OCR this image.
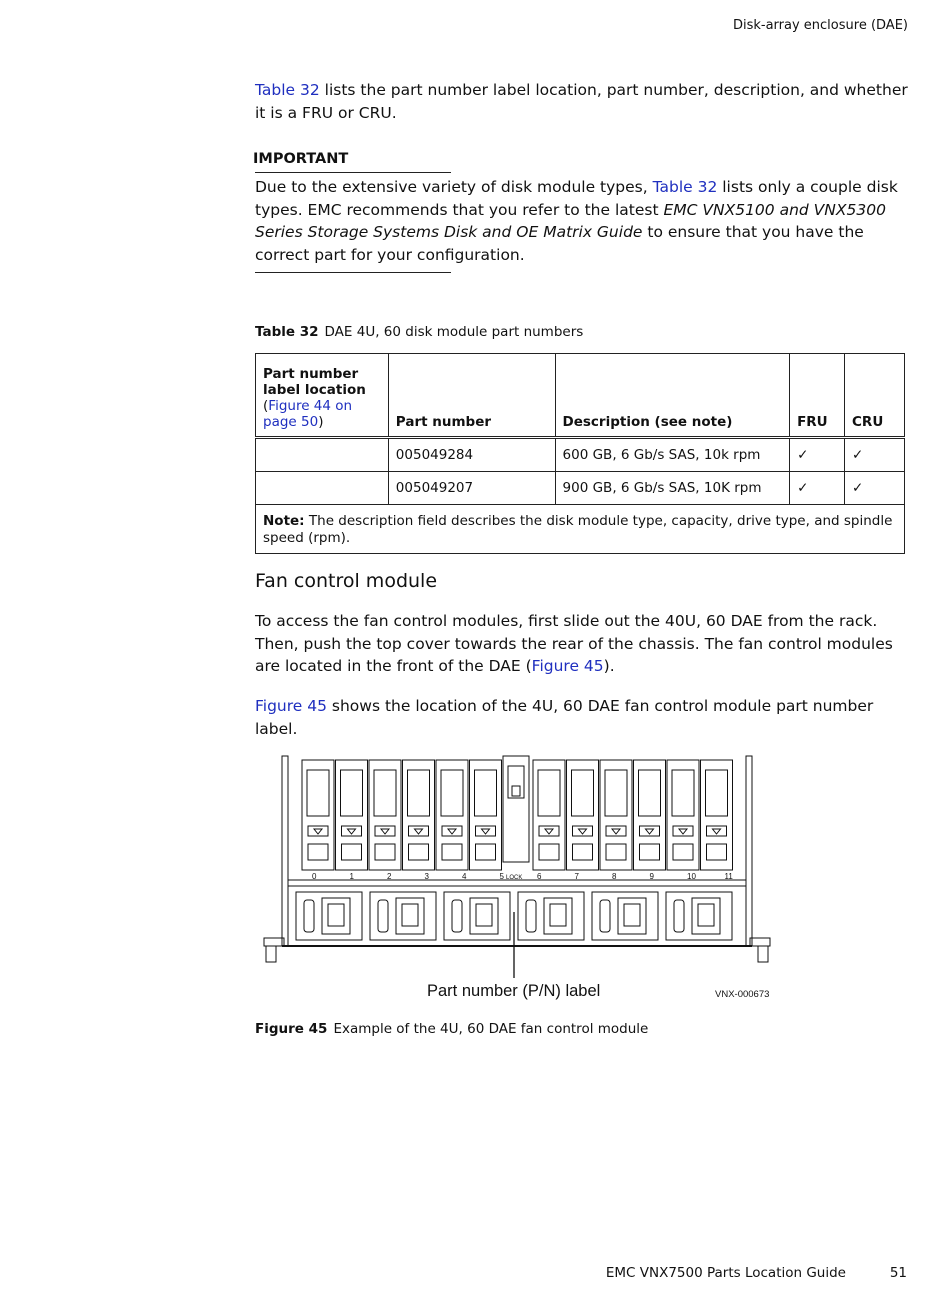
Disk-array enclosure (DAE)
Table 32 lists the part number label location, part number, description, and whether it is a FRU or CRU.
IMPORTANT
Due to the extensive variety of disk module types, Table 32 lists only a couple disk types. EMC recommends that you refer to the latest EMC VNX5100 and VNX5300 Series Storage Systems Disk and OE Matrix Guide to ensure that you have the correct part for your configuration.
Table 32 DAE 4U, 60 disk module part numbers
Part number label location
(Figure 44 on page 50)	Part number	Description (see note)	FRU	CRU
	005049284	600 GB, 6 Gb/s SAS, 10k rpm	✓	✓
	005049207	900 GB, 6 Gb/s SAS, 10K rpm	✓	✓
Note: The description field describes the disk module type, capacity, drive type, and spindle speed (rpm).				
Fan control module
To access the fan control modules, first slide out the 40U, 60 DAE from the rack. Then, push the top cover towards the rear of the chassis. The fan control modules are located in the front of the DAE (Figure 45).
Figure 45 shows the location of the 4U, 60 DAE fan control module part number label.
0	1	2	3	4	5	6	7	8	9	10	11
LOCK
Part number (P/N) label	VNX-000673
Figure 45 Example of the 4U, 60 DAE fan control module
EMC VNX7500 Parts Location Guide	51
